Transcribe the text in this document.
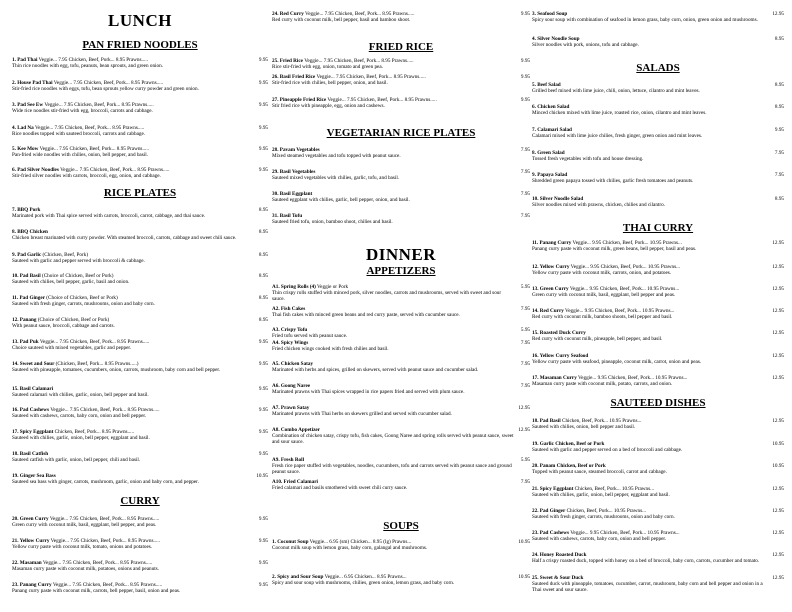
LUNCH
PAN FRIED NOODLES
RICE PLATES
CURRY
1. Pad Thai Veggie... 7.95 Chicken, Beef, Pork... 8.95 Prawns.....	9.95
Thin rice noodles with egg, tofu, peanuts, bean sprouts, and green onion.
2. House Pad Thai Veggie... 7.95 Chicken, Beef, Pork... 8.95 Prawns.....	9.95
Stir-fried rice noodles with eggs, tofu, bean sprouts yellow curry powder and green onion.
3. Pad See Ew Veggie... 7.95 Chicken, Beef, Pork... 8.95 Prawns.....	9.95
Wide rice noodles stir-fried with egg, broccoli, carrots and cabbage.
4. Lad Na Veggie... 7.95 Chicken, Beef, Pork... 8.95 Prawns.....	9.95
Rice noodles topped with sauteed broccoli, carrots and cabbage.
5. Kee Mow Veggie... 7.95 Chicken, Beef, Pork... 8.95 Prawns.....	9.95
Pan-fried wide noodles with chilies, onion, bell pepper, and basil.
6. Pad Silver Noodles Veggie... 7.95 Chicken, Beef, Pork... 8.95 Prawns.....	9.95
Stir-fried silver noodles with carrots, broccoli, egg, onion, and cabbage.
7. BBQ Pork	8.95
Marinated pork with Thai spice served with carrots, broccoli, carrot, cabbage, and thai sauce.
8. BBQ Chicken	8.95
Chicken breast marinated with curry powder. With steamed broccoli, carrots, cabbage and sweet chili sauce.
9. Pad Garlic (Chicken, Beef, Pork)	8.95
Sauteed with garlic and pepper served with broccoli & cabbage.
10. Pad Basil (Choice of Chicken, Beef or Pork)	8.95
Sauteed with chilies, bell pepper, garlic, basil and onion.
11. Pad Ginger (Choice of Chicken, Beef or Pork)	8.95
Sauteed with fresh ginger, carrots, mushrooms, onion and baby corn.
12. Panang (Choice of Chicken, Beef or Pork)	8.95
With peanut sauce, broccoli, cabbage and carrots.
13. Pad Puk Veggie... 7.95 Chicken, Beef, Pork... 8.95 Prawns.....	9.95
Choice sauteed with mixed vegetables, garlic and pepper.
14. Sweet and Sour (Chicken, Beef, Pork... 8.95 Prawns.....)	9.95
Sauteed with pineapple, tomatoes, cucumbers, onion, carrots, mushroom, baby corn and bell pepper.
15. Basil Calamari	9.95
Sauteed calamari with chilies, garlic, onion, bell pepper and basil.
16. Pad Cashews Veggie... 7.95 Chicken, Beef, Pork... 8.95 Prawns.....	9.95
Sauteed with cashews, carrots, baby corn, onion and bell pepper.
17. Spicy Eggplant Chicken, Beef, Pork... 8.95 Prawns.....	9.95
Sauteed with chilies, garlic, onion, bell pepper, eggplant and basil.
18. Basil Catfish	9.95
Sauteed catfish with garlic, onion, bell pepper, chili and basil.
19. Ginger Sea Bass	10.95
Sauteed sea bass with ginger, carrots, mushroom, garlic, onion and baby corn, and pepper.
20. Green Curry Veggie... 7.95 Chicken, Beef, Pork... 8.95 Prawns.....	9.95
Green curry with coconut milk, basil, eggplant, bell pepper, and peas.
21. Yellow Curry Veggie... 7.95 Chicken, Beef, Pork... 8.95 Prawns.....	9.95
Yellow curry paste with coconut milk, tomato, onions and potatoes.
22. Masaman Veggie... 7.95 Chicken, Beef, Pork... 8.95 Prawns.....	9.95
Masaman curry paste with coconut milk, potatoes, onions and peanuts.
23. Panang Curry Veggie... 7.95 Chicken, Beef, Pork... 8.95 Prawns.....	9.95
Panang curry paste with coconut milk, carrots, bell pepper, basil, onion and peas.
FRIED RICE
VEGETARIAN RICE PLATES
DINNER
APPETIZERS
SOUPS
24. Red Curry Veggie... 7.95 Chicken, Beef, Pork... 8.95 Prawns.....	9.95
Red curry with coconut milk, bell pepper, basil and bamboo shoot.
25. Fried Rice Veggie... 7.95 Chicken, Beef, Pork... 8.95 Prawns.....	9.95
Rice stir-fried with egg, onion, tomato and green pea.
26. Basil Fried Rice Veggie... 7.95 Chicken, Beef, Pork... 8.95 Prawns.....	9.95
Stir-fried rice with chilies, bell pepper, onion, and basil.
27. Pineapple Fried Rice Veggie... 7.95 Chicken, Beef, Pork... 8.95 Prawns.....	9.95
Stir fried rice with pineapple, egg, onion and cashews.
28. Pavam Vegetables	7.95
Mixed steamed vegetables and tofu topped with peanut sauce.
29. Basil Vegetables	7.95
Sauteed mixed vegetables with chilies, garlic, tofu, and basil.
30. Basil Eggplant	7.95
Sauteed eggplant with chilies, garlic, bell pepper, onion, and basil.
31. Basil Tofu	7.95
Sauteed fried tofu, onion, bamboo shoot, chilies and basil.
A1. Spring Rolls (4) Veggie or Pork	5.95
Thin crispy rolls stuffed with minced pork, silver noodles, carrots and mushrooms, served with sweet and sour sauce.
A2. Fish Cakes	7.95
Thai fish cakes with minced green beans and red curry paste, served with cucumber sauce.
A3. Crispy Tofu	5.95
Fried tofu served with peanut sauce.
A4. Spicy Wings	7.95
Fried chicken wings cooked with fresh chilies and basil.
A5. Chicken Satay	7.95
Marinated with herbs and spices, grilled on skewers, served with peanut sauce and cucumber salad.
A6. Goong Naree	7.95
Marinated prawns with Thai spices wrapped in rice papers fried and served with plum sauce.
A7. Prawn Satay	12.95
Marinated prawns with Thai herbs on skewers grilled and served with cucumber salad.
A8. Combo Appetizer	12.95
Combination of chicken satay, crispy tofu, fish cakes, Goong Naree and spring rolls served with peanut sauce, sweet and sour sauce.
A9. Fresh Roll	5.95
Fresh rice paper stuffed with vegetables, noodles, cucumbers, tofu and carrots served with peanut sauce and ground peanut sauce.
A10. Fried Calamari	7.95
Fried calamari and basils smothered with sweet chili curry sauce.
1. Coconut Soup Veggie... 6.95 (sm) Chicken... 8.95 (lg) Prawns...	10.95
Coconut milk soup with lemon grass, baby corn, galangal and mushrooms.
2. Spicy and Sour Soup Veggie... 6.95 Chicken... 8.95 Prawns...	10.95
Spicy and sour soup with mushrooms, chilies, green onion, lemon grass, and baby corn.
SALADS
THAI CURRY
SAUTEED DISHES
3. Seafood Soup	12.95
Spicy sour soup with combination of seafood in lemon grass, baby corn, onion, green onion and mushrooms.
4. Silver Noodle Soup	8.95
Silver noodles with pork, onions, tofu and cabbage.
5. Beef Salad	8.95
Grilled beef mixed with lime juice, chili, onion, lettuce, cilantro and mint leaves.
6. Chicken Salad	8.95
Minced chicken mixed with lime juice, roasted rice, onion, cilantro and mint leaves.
7. Calamari Salad	9.95
Calamari mixed with lime juice chilies, fresh ginger, green onion and mint leaves.
8. Green Salad	7.95
Tossed fresh vegetables with tofu and house dressing.
9. Papaya Salad	7.95
Shredded green papaya tossed with chilies, garlic fresh tomatoes and peanuts.
10. Silver Noodle Salad	8.95
Silver noodles mixed with prawns, chicken, chilies and cilantro.
11. Panang Curry Veggie... 9.95 Chicken, Beef, Pork... 10.95 Prawns...	12.95
Panang curry paste with coconut milk, green beans, bell pepper, basil and peas.
12. Yellow Curry Veggie... 9.95 Chicken, Beef, Pork... 10.95 Prawns...	12.95
Yellow curry paste with coconut milk, carrots, onion, and potatoes.
13. Green Curry Veggie... 9.95 Chicken, Beef, Pork... 10.95 Prawns...	12.95
Green curry with coconut milk, basil, eggplant, bell pepper and peas.
14. Red Curry Veggie... 9.95 Chicken, Beef, Pork... 10.95 Prawns...	12.95
Red curry with coconut milk, bamboo shoots, bell pepper and basil.
15. Roasted Duck Curry	12.95
Red curry with coconut milk, pineapple, bell pepper, and basil.
16. Yellow Curry Seafood	12.95
Yellow curry paste with seafood, pineapple, coconut milk, carrot, onion and peas.
17. Masaman Curry Veggie... 9.95 Chicken, Beef, Pork... 10.95 Prawns...	12.95
Masaman curry paste with coconut milk, potato, carrots, and onion.
18. Pad Basil Chicken, Beef, Pork... 10.95 Prawns...	12.95
Sauteed with chilies, onion, bell pepper and basil.
19. Garlic Chicken, Beef or Pork	10.95
Sauteed with garlic and pepper served on a bed of broccoli and cabbage.
20. Panam Chicken, Beef or Pork	10.95
Topped with peanut sauce, steamed broccoli, carrot and cabbage.
21. Spicy Eggplant Chicken, Beef, Pork... 10.95 Prawns...	12.95
Sauteed with chilies, garlic, onion, bell pepper, eggplant and basil.
22. Pad Ginger Chicken, Beef, Pork... 10.95 Prawns...	12.95
Sauteed with fresh ginger, carrots, mushrooms, onion and baby corn.
23. Pad Cashews Veggie... 9.95 Chicken, Beef, Pork... 10.95 Prawns...	12.95
Sauteed with cashews, carrots, baby corn, onion and bell pepper.
24. Honey Roasted Duck	12.95
Half a crispy roasted duck, topped with honey on a bed of broccoli, baby corn, carrots, cucumber and tomato.
25. Sweet & Sour Duck	12.95
Sauteed duck with pineapple, tomatoes, cucumber, carrot, mushroom, baby corn and bell pepper and onion in a Thai sweet and sour sauce.
